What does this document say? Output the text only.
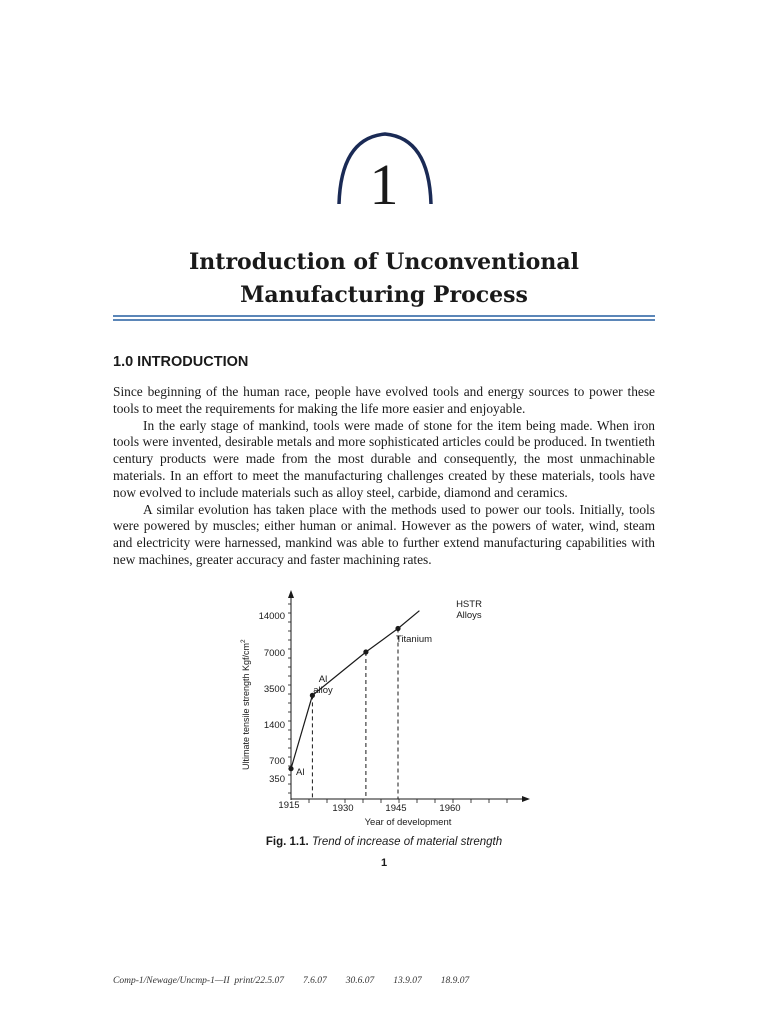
1
Introduction of Unconventional
Manufacturing Process
1.0 INTRODUCTION

Since beginning of the human race, people have evolved tools and energy sources to power these tools to meet the requirements for making the life more easier and enjoyable.

In the early stage of mankind, tools were made of stone for the item being made. When iron tools were invented, desirable metals and more sophisticated articles could be produced. In twentieth century products were made from the most durable and consequently, the most unmachinable materials. In an effort to meet the manufacturing challenges created by these materials, tools have now evolved to include materials such as alloy steel, carbide, diamond and ceramics.

A similar evolution has taken place with the methods used to power our tools. Initially, tools were powered by muscles; either human or animal. However as the powers of water, wind, steam and electricity were harnessed, mankind was able to further extend manufacturing capabilities with new machines, greater accuracy and faster machining rates.

14000
7000
3500
1400
700
350
1915	1930	1945	1960
Year of development
Ultimate tensile strength Kgf/$cm^2$
Al
Al
alloy
Titanium
HSTR
Alloys
Fig. 1.1. Trend of increase of material strength
1
Comp-1/Newage/Uncmp-1—II  print/22.5.07        7.6.07        30.6.07        13.9.07        18.9.07
